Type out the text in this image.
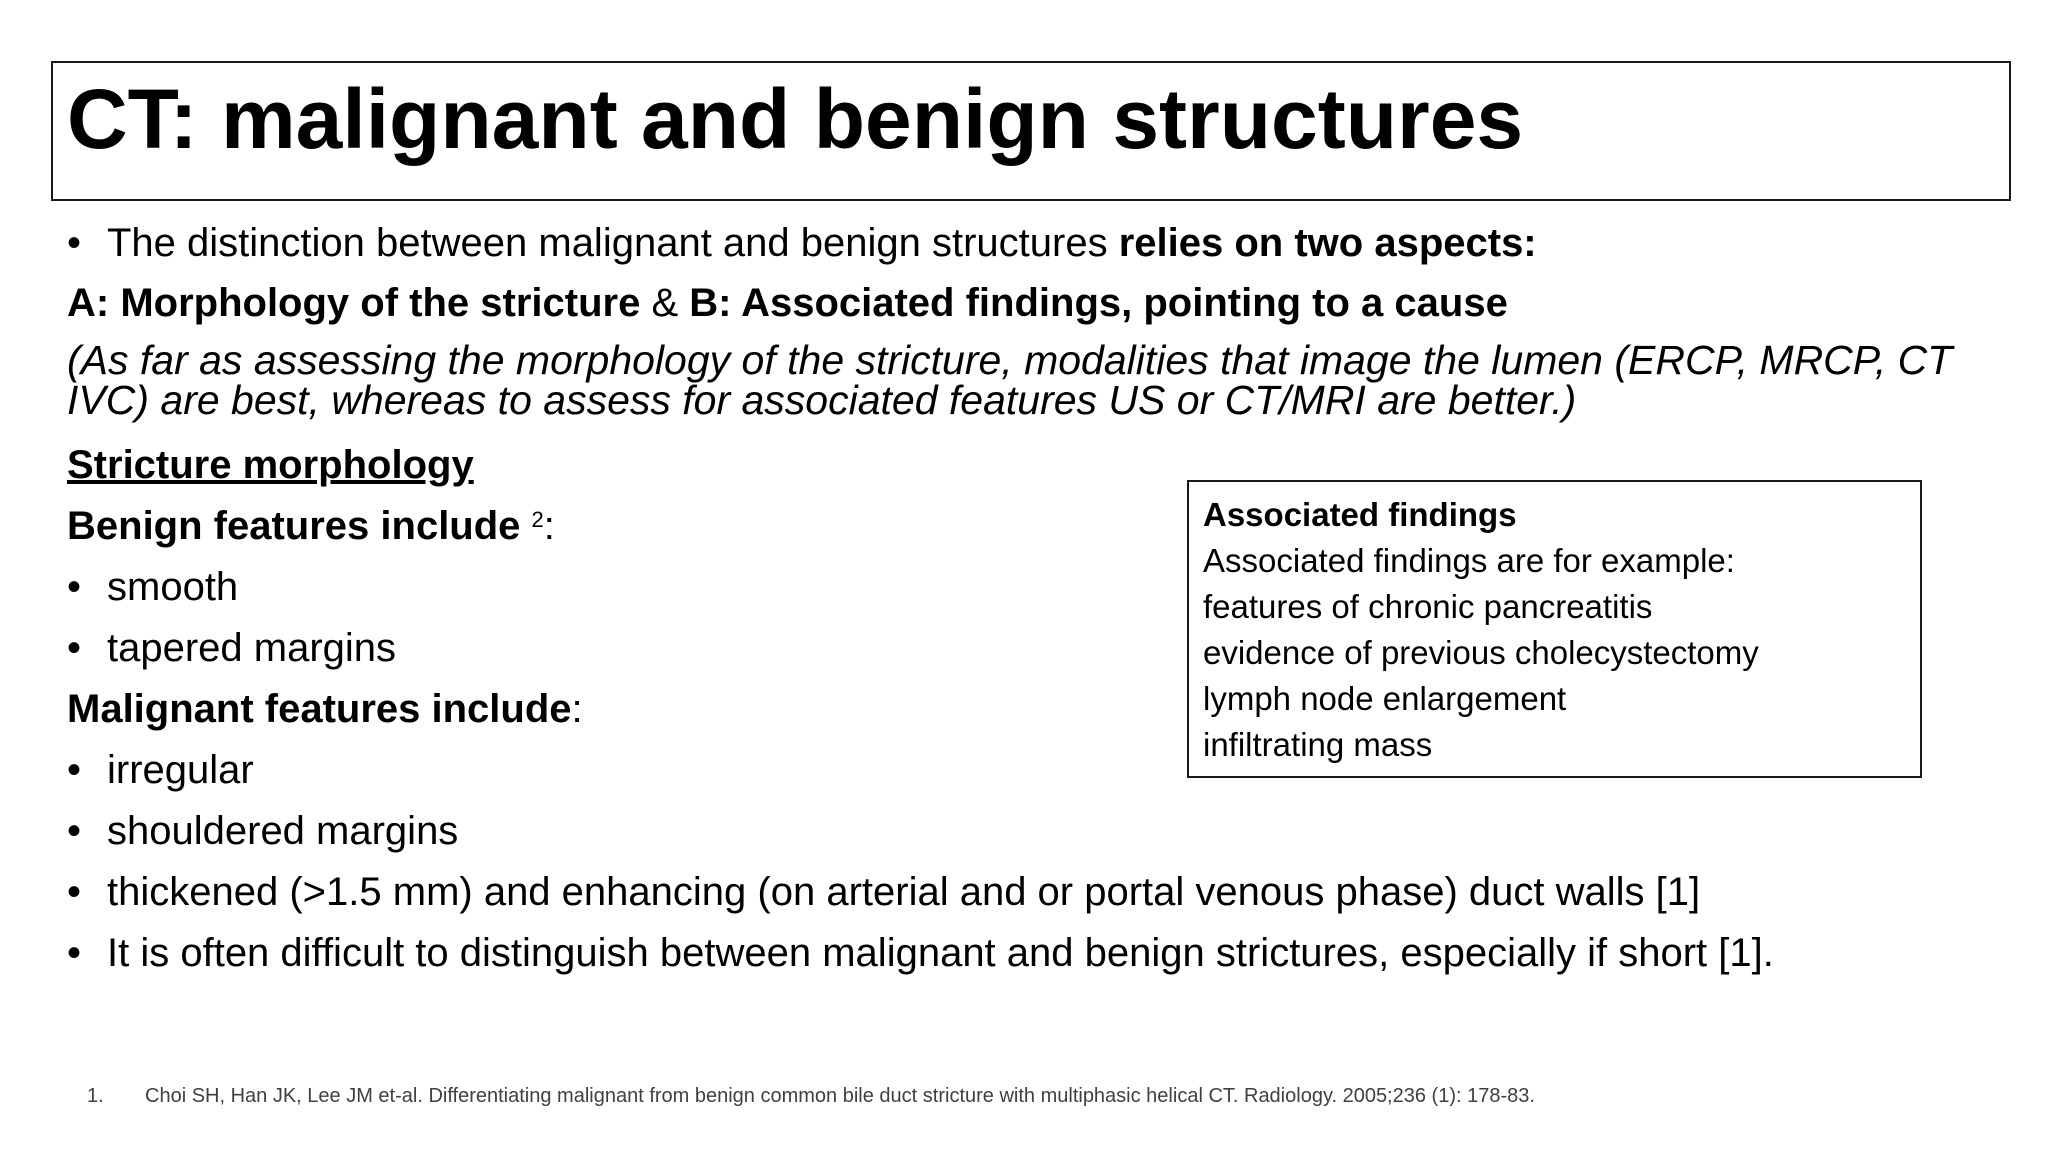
CT: malignant and benign structures

• The distinction between malignant and benign structures relies on two aspects:

A: Morphology of the stricture & B: Associated findings, pointing to a cause

(As far as assessing the morphology of the stricture, modalities that image the lumen (ERCP, MRCP, CT IVC) are best, whereas to assess for associated features US or CT/MRI are better.)

Stricture morphology

Benign features include $^2$:

• smooth

• tapered margins

Malignant features include:

• irregular

• shouldered margins

• thickened (>1.5 mm) and enhancing (on arterial and or portal venous phase) duct walls [1]

• It is often difficult to distinguish between malignant and benign strictures, especially if short [1].

Associated findings

Associated findings are for example:

features of chronic pancreatitis

evidence of previous cholecystectomy

lymph node enlargement

infiltrating mass

1. Choi SH, Han JK, Lee JM et-al. Differentiating malignant from benign common bile duct stricture with multiphasic helical CT. Radiology. 2005;236 (1): 178-83.
